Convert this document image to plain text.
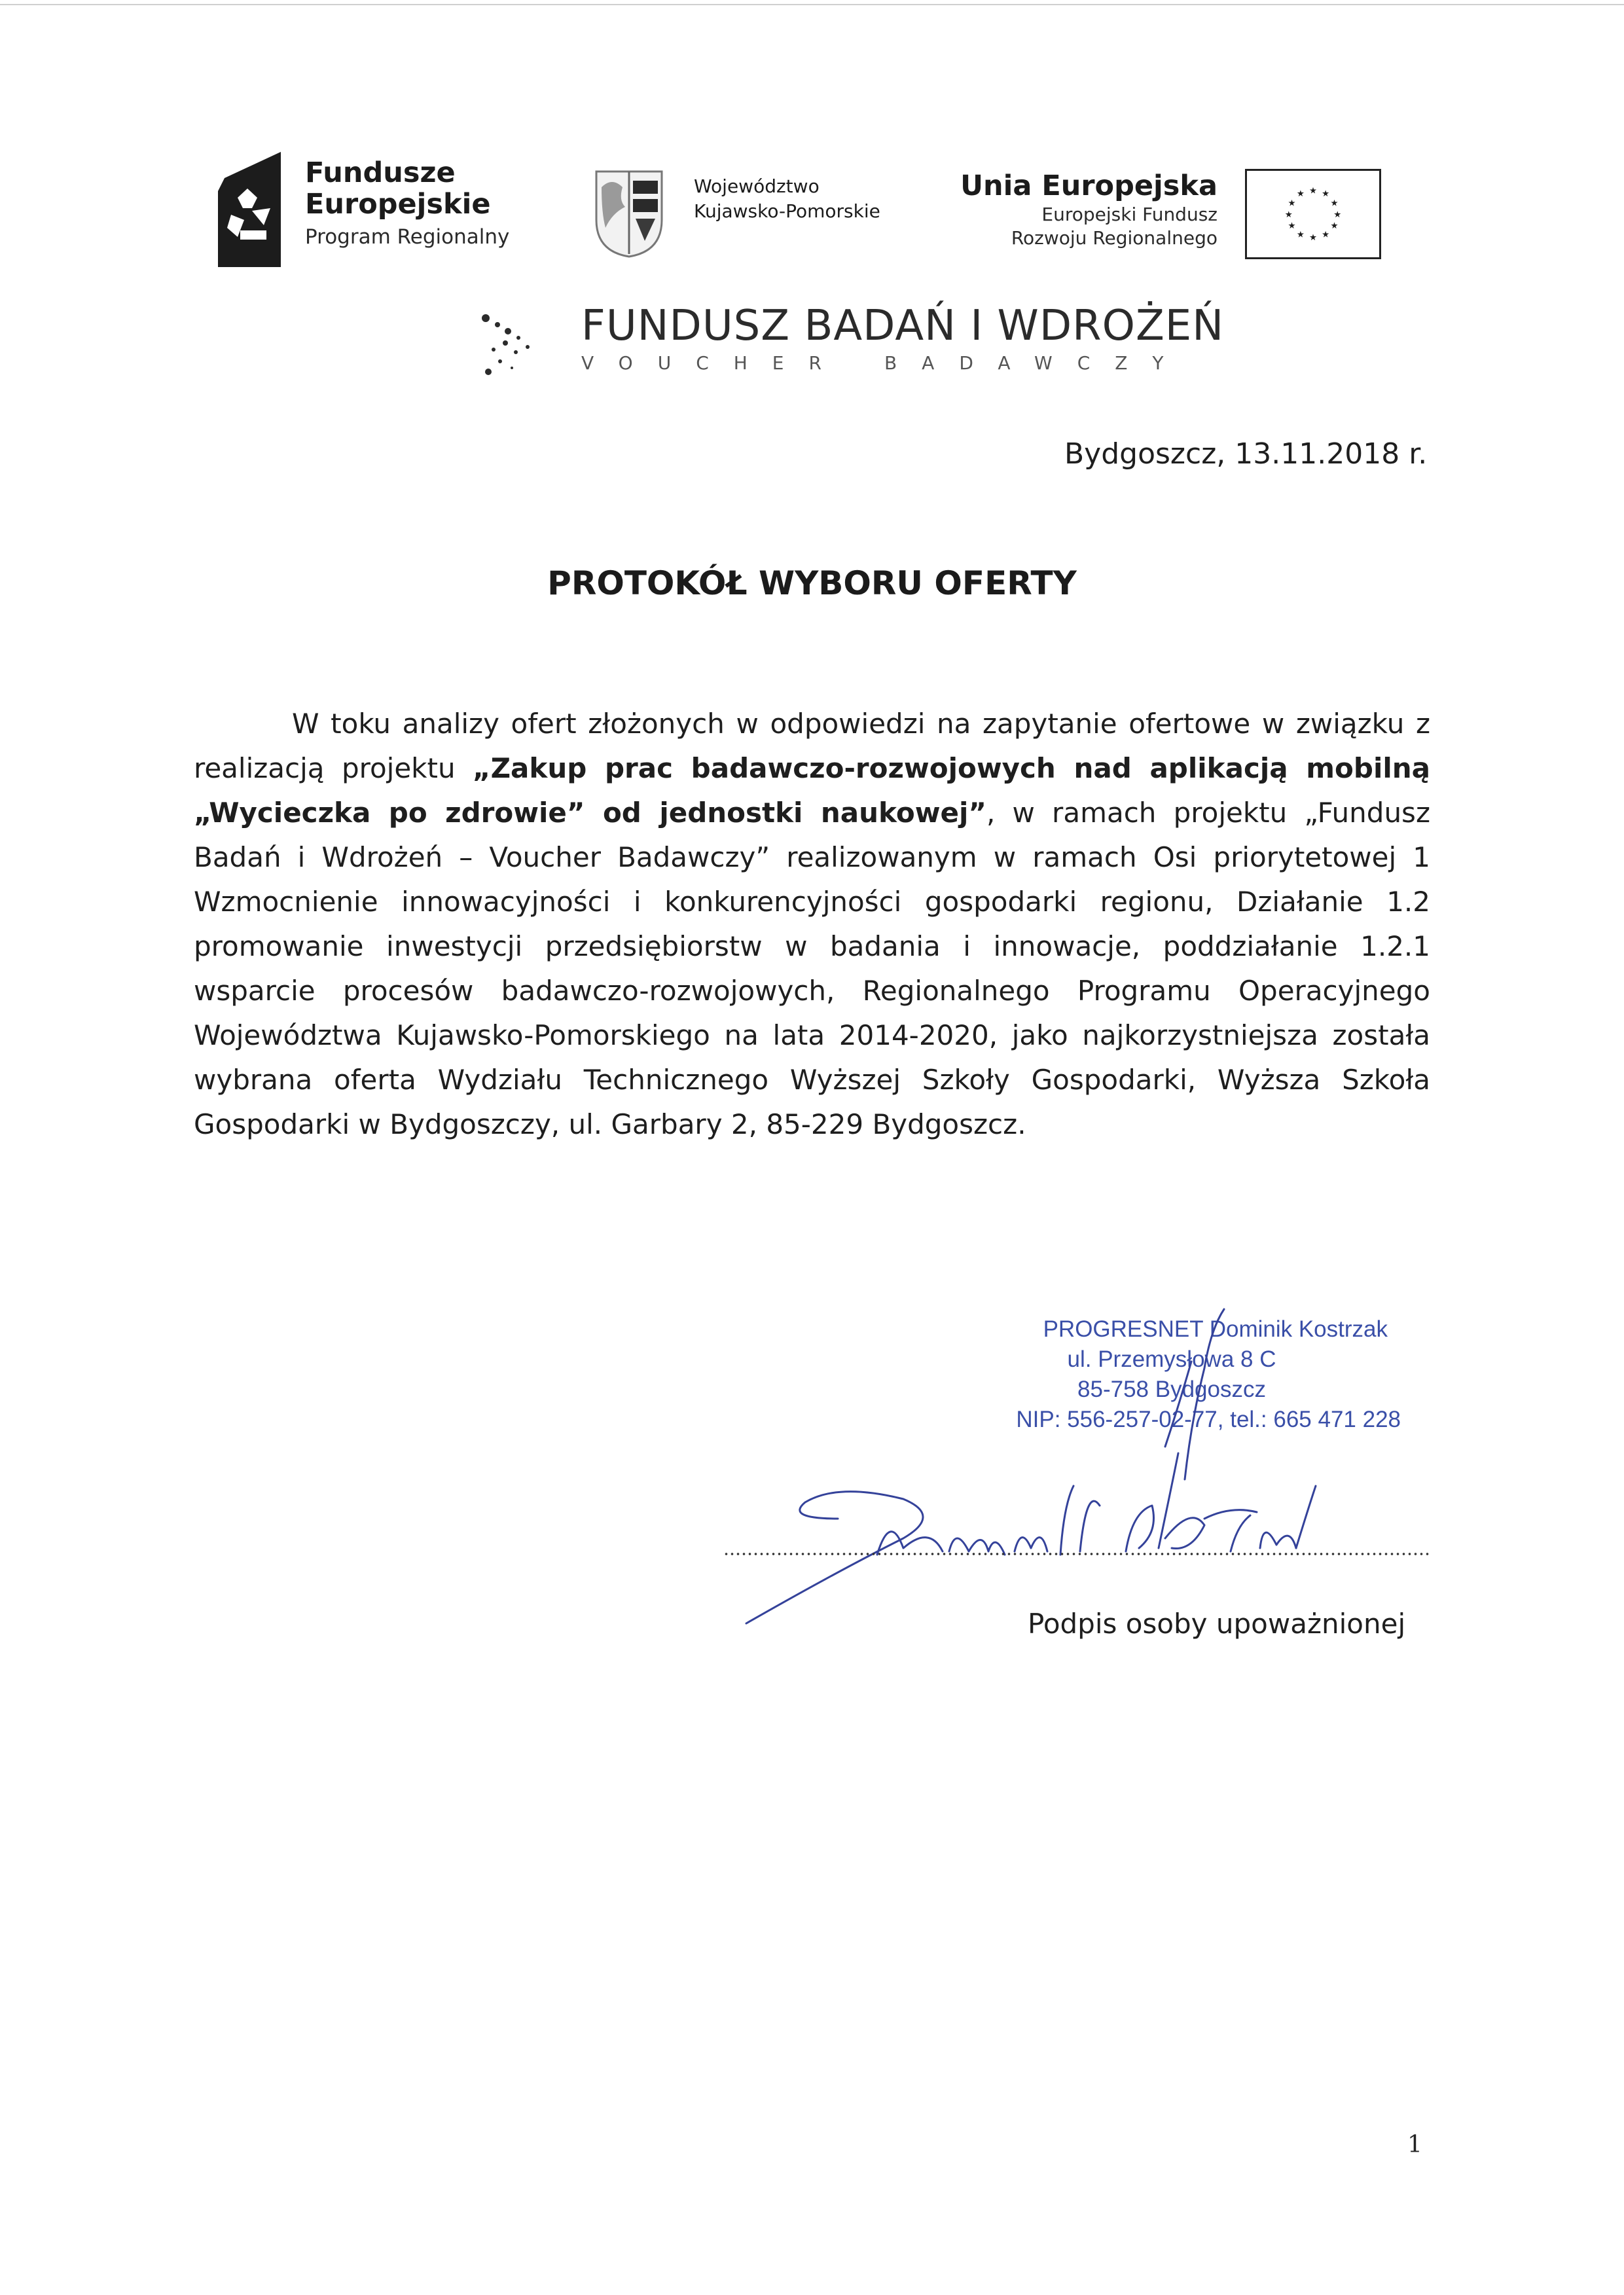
Fundusze
Europejskie
Program Regionalny
Województwo
Kujawsko-Pomorskie
Unia Europejska
Europejski Fundusz
Rozwoju Regionalnego
★ ★
★
★
★
★
★
★
★
★
★
★
FUNDUSZ BADAŃ I WDROŻEŃ
VOUCHER BADAWCZY
Bydgoszcz, 13.11.2018 r.
PROTOKÓŁ WYBORU OFERTY
W toku analizy ofert złożonych w odpowiedzi na zapytanie ofertowe w związku z realizacją projektu „Zakup prac badawczo-rozwojowych nad aplikacją mobilną „Wycieczka po zdrowie” od jednostki naukowej”, w ramach projektu „Fundusz Badań i Wdrożeń – Voucher Badawczy” realizowanym w ramach Osi priorytetowej 1 Wzmocnienie innowacyjności i konkurencyjności gospodarki regionu, Działanie 1.2 promowanie inwestycji przedsiębiorstw w badania i innowacje, poddziałanie 1.2.1 wsparcie procesów badawczo-rozwojowych, Regionalnego Programu Operacyjnego Województwa Kujawsko-Pomorskiego na lata 2014-2020, jako najkorzystniejsza została wybrana oferta Wydziału Technicznego Wyższej Szkoły Gospodarki, Wyższa Szkoła Gospodarki w Bydgoszczy, ul. Garbary 2, 85-229 Bydgoszcz.
PROGRESNET Dominik Kostrzak
ul. Przemysłowa 8 C
85-758 Bydgoszcz
NIP: 556-257-02-77, tel.: 665 471 228
Podpis osoby upoważnionej
1
